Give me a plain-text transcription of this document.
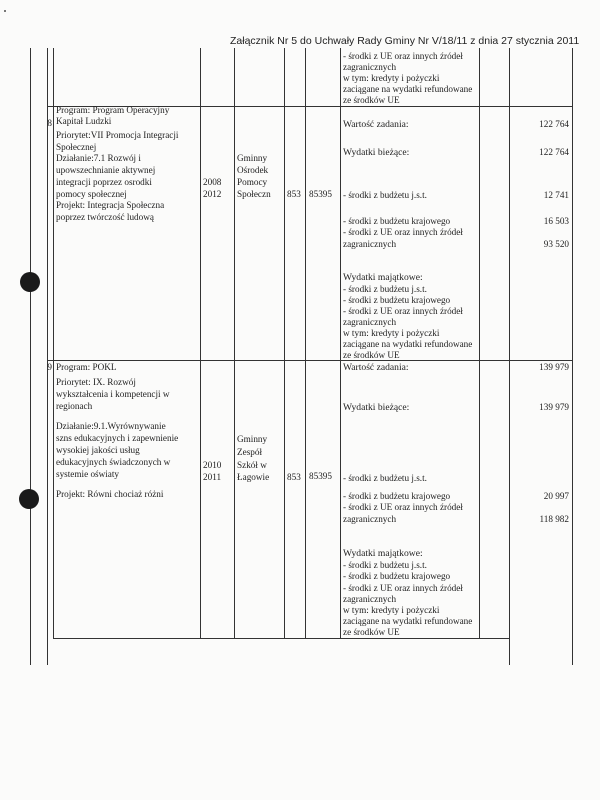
Załącznik Nr 5 do Uchwały Rady Gminy Nr V/18/11 z dnia 27 stycznia 2011
- środki z UE oraz innych źródeł
zagranicznych
w tym: kredyty i pożyczki
zaciągane na wydatki refundowane
ze środków UE
8
Program: Program Operacyjny
Kapitał Ludzki
Priorytet:VII Promocja Integracji
Społecznej
Działanie:7.1 Rozwój i
upowszechnianie aktywnej
integracji poprzez osrodki
pomocy społecznej
Projekt: Integracja Społeczna
poprzez twórczość ludową
2008
2012
Gminny
Ośrodek
Pomocy
Społeczn 853 85395
Wartość zadania:
Wydatki bieżące:
- środki z budżetu j.s.t.
- środki z budżetu krajowego
- środki z UE oraz innych źródeł
zagranicznych
Wydatki majątkowe:
- środki z budżetu j.s.t.
- środki z budżetu krajowego
- środki z UE oraz innych źródeł
zagranicznych
w tym: kredyty i pożyczki
zaciągane na wydatki refundowane
ze środków UE
122 764
122 764
12 741
16 503
93 520
9 Program: POKL
Priorytet: IX. Rozwój
wykształcenia i kompetencji w
regionach
Działanie:9.1.Wyrównywanie
szns edukacyjnych i zapewnienie
wysokiej jakości usług
edukacyjnych świadczonych w
systemie oświaty
Projekt: Równi chociaż różni
2010
2011
Gminny
Zespół
Szkół w
Łagowie 853 85395
Wartość zadania:
Wydatki bieżące:
- środki z budżetu j.s.t.
- środki z budżetu krajowego
- środki z UE oraz innych źródeł
zagranicznych
Wydatki majątkowe:
- środki z budżetu j.s.t.
- środki z budżetu krajowego
- środki z UE oraz innych źródeł
zagranicznych
w tym: kredyty i pożyczki
zaciągane na wydatki refundowane
ze środków UE
139 979
139 979
20 997
118 982
